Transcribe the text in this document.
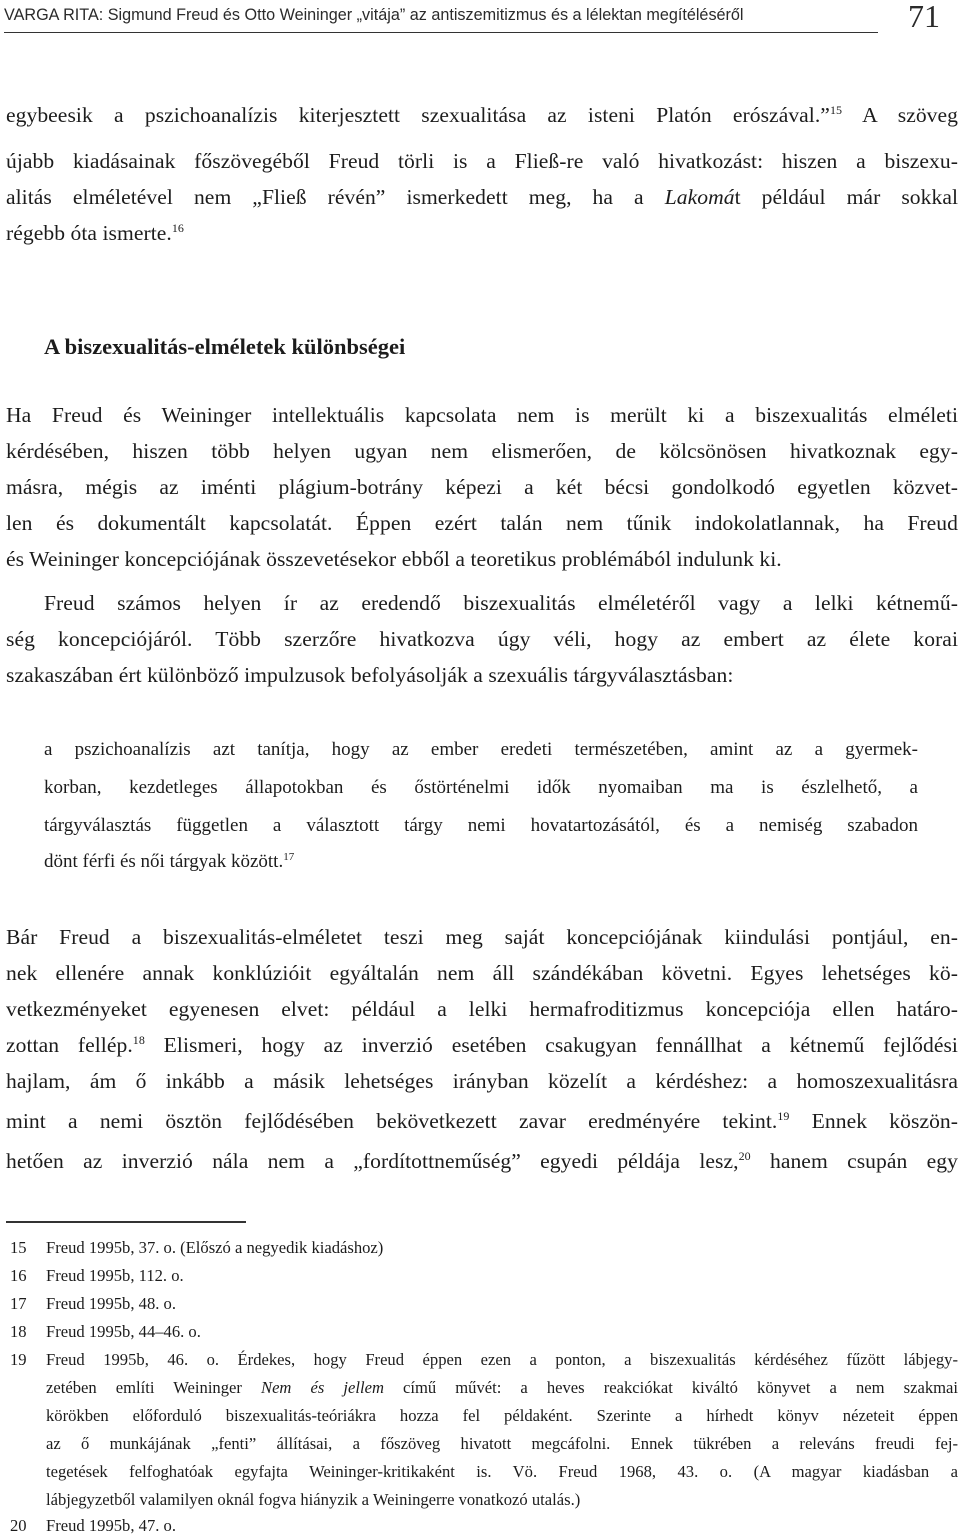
VARGA RITA: Sigmund Freud és Otto Weininger „vitája” az antiszemitizmus és a lélektan megítéléséről	71
egybeesik a pszichoanalízis kiterjesztett szexualitása az isteni Platón erószával.”$^{15}$ A szöveg
újabb kiadásainak főszövegéből Freud törli is a Fließ-re való hivatkozást: hiszen a biszexu-
alitás elméletével nem „Fließ révén” ismerkedett meg, ha a Lakomát például már sokkal
régebb óta ismerte.$^{16}$
A biszexualitás-elméletek különbségei
Ha Freud és Weininger intellektuális kapcsolata nem is merült ki a biszexualitás elméleti
kérdésében, hiszen több helyen ugyan nem elismerően, de kölcsönösen hivatkoznak egy-
másra, mégis az iménti plágium-botrány képezi a két bécsi gondolkodó egyetlen közvet-
len és dokumentált kapcsolatát. Éppen ezért talán nem tűnik indokolatlannak, ha Freud
és Weininger koncepciójának összevetésekor ebből a teoretikus problémából indulunk ki.
Freud számos helyen ír az eredendő biszexualitás elméletéről vagy a lelki kétnemű-
ség koncepciójáról. Több szerzőre hivatkozva úgy véli, hogy az embert az élete korai
szakaszában ért különböző impulzusok befolyásolják a szexuális tárgyválasztásban:
a pszichoanalízis azt tanítja, hogy az ember eredeti természetében, amint az a gyermek-
korban, kezdetleges állapotokban és őstörténelmi idők nyomaiban ma is észlelhető, a
tárgyválasztás független a választott tárgy nemi hovatartozásától, és a nemiség szabadon
dönt férfi és női tárgyak között.$^{17}$
Bár Freud a biszexualitás-elméletet teszi meg saját koncepciójának kiindulási pontjául, en-
nek ellenére annak konklúzióit egyáltalán nem áll szándékában követni. Egyes lehetséges kö-
vetkezményeket egyenesen elvet: például a lelki hermafroditizmus koncepciója ellen határo-
zottan fellép.$^{18}$ Elismeri, hogy az inverzió esetében csakugyan fennállhat a kétnemű fejlődési
hajlam, ám ő inkább a másik lehetséges irányban közelít a kérdéshez: a homoszexualitásra
mint a nemi ösztön fejlődésében bekövetkezett zavar eredményére tekint.$^{19}$ Ennek köszön-
hetően az inverzió nála nem a „fordítottneműség” egyedi példája lesz,$^{20}$ hanem csupán egy
15	Freud 1995b, 37. o. (Előszó a negyedik kiadáshoz)
16	Freud 1995b, 112. o.
17	Freud 1995b, 48. o.
18	Freud 1995b, 44–46. o.
19	Freud 1995b, 46. o. Érdekes, hogy Freud éppen ezen a ponton, a biszexualitás kérdéséhez fűzött lábjegy-
zetében említi Weininger Nem és jellem című művét: a heves reakciókat kiváltó könyvet a nem szakmai
körökben előforduló biszexualitás-teóriákra hozza fel példaként. Szerinte a hírhedt könyv nézeteit éppen
az ő munkájának „fenti” állításai, a főszöveg hivatott megcáfolni. Ennek tükrében a releváns freudi fej-
tegetések felfoghatóak egyfajta Weininger-kritikaként is. Vö. Freud 1968, 43. o. (A magyar kiadásban a
lábjegyzetből valamilyen oknál fogva hiányzik a Weiningerre vonatkozó utalás.)
20	Freud 1995b, 47. o.
